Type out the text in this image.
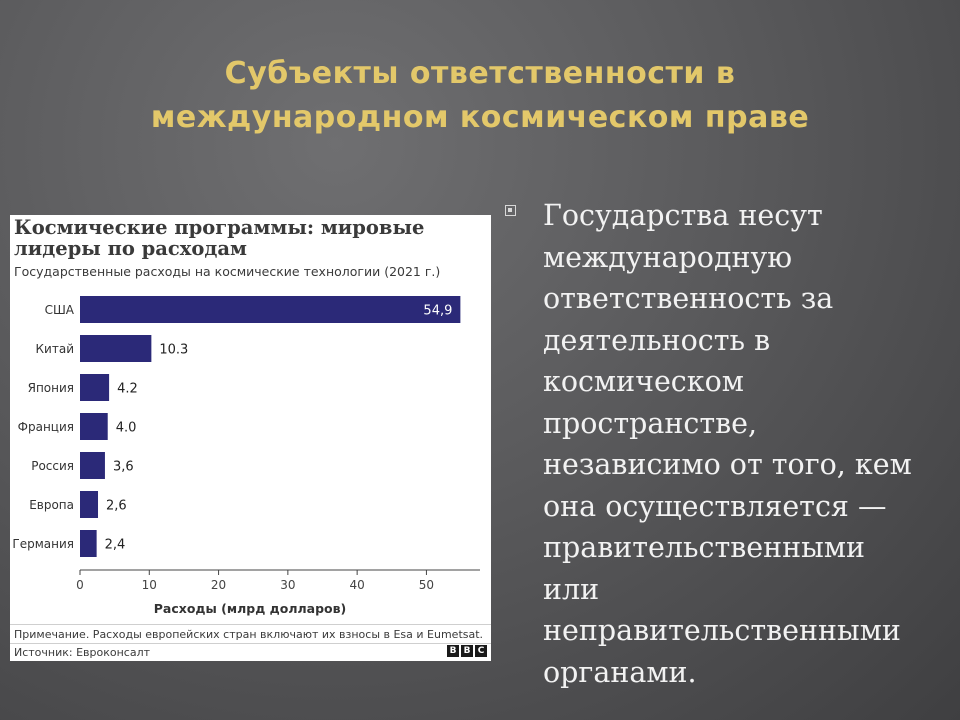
Субъекты ответственности в
международном космическом праве
Космические программы: мировые
лидеры по расходам
Государственные расходы на космические технологии (2021 г.)
США	54,9
Китай	10.3
Япония	4.2
Франция	4.0
Россия	3,6
Европа 2,6
Германия 2,4
0	10	20	30	40	50
Расходы (млрд долларов)
Примечание. Расходы европейских стран включают их взносы в Esa и Eumetsat.
Источник: Евроконсалт	B B C
Государства несут
международную
ответственность за
деятельность в
космическом
пространстве,
независимо от того, кем
она осуществляется —
правительственными
или
неправительственными
органами.
